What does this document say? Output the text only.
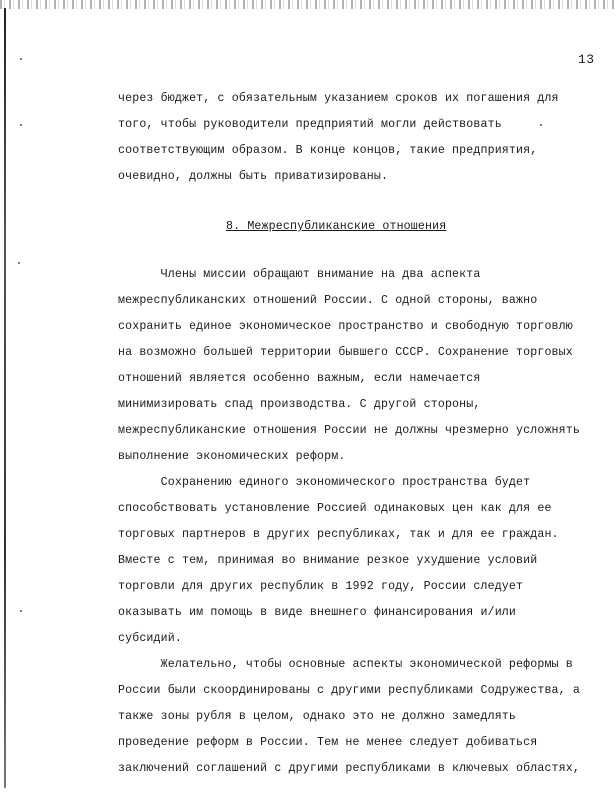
13
через бюджет, с обязательным указанием сроков их погашения для
того, чтобы руководители предприятий могли действовать
соответствующим образом. В конце концов, такие предприятия,
очевидно, должны быть приватизированы.
8. Межреспубликанские отношения
Члены миссии обращают внимание на два аспекта
межреспубликанских отношений России. С одной стороны, важно
сохранить единое экономическое пространство и свободную торговлю
на возможно большей территории бывшего СССР. Сохранение торговых
отношений является особенно важным, если намечается
минимизировать спад производства. С другой стороны,
межреспубликанские отношения России не должны чрезмерно усложнять
выполнение экономических реформ.
Сохранению единого экономического пространства будет
способствовать установление Россией одинаковых цен как для ее
торговых партнеров в других республиках, так и для ее граждан.
Вместе с тем, принимая во внимание резкое ухудшение условий
торговли для других республик в 1992 году, России следует
оказывать им помощь в виде внешнего финансирования и/или
субсидий.
Желательно, чтобы основные аспекты экономической реформы в
России были скоординированы с другими республиками Содружества, а
также зоны рубля в целом, однако это не должно замедлять
проведение реформ в России. Тем не менее следует добиваться
заключений соглашений с другими республиками в ключевых областях,
